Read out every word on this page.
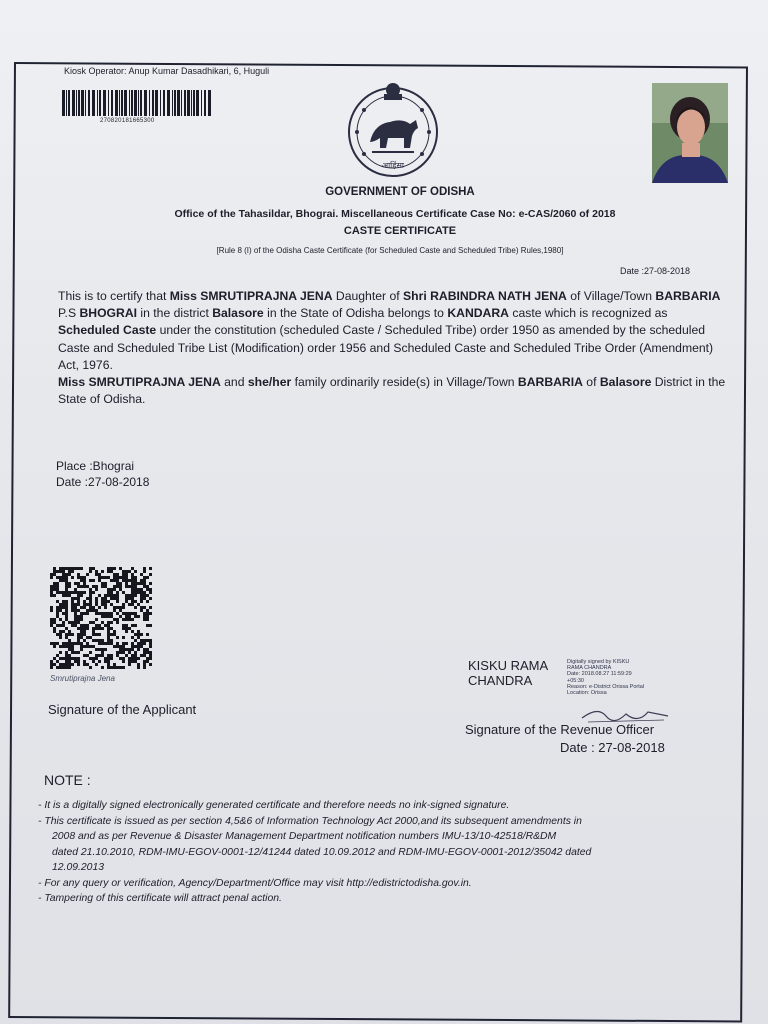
Kiosk Operator: Anup Kumar Dasadhikari, 6, Huguli
270820181665300
आहिंसा
GOVERNMENT OF ODISHA
Office of the Tahasildar, Bhograi. Miscellaneous Certificate Case No: e-CAS/2060 of 2018
CASTE CERTIFICATE
[Rule 8 (I) of the Odisha Caste Certificate (for Scheduled Caste and Scheduled Tribe) Rules,1980]
Date :27-08-2018
This is to certify that Miss SMRUTIPRAJNA JENA Daughter of Shri RABINDRA NATH JENA of Village/Town BARBARIA P.S BHOGRAI in the district Balasore in the State of Odisha belongs to KANDARA caste which is recognized as Scheduled Caste under the constitution (scheduled Caste / Scheduled Tribe) order 1950 as amended by the scheduled Caste and Scheduled Tribe List (Modification) order 1956 and Scheduled Caste and Scheduled Tribe Order (Amendment) Act, 1976.
Miss SMRUTIPRAJNA JENA and she/her family ordinarily reside(s) in Village/Town BARBARIA of Balasore District in the State of Odisha.
Place :Bhograi
Date :27-08-2018
Smrutiprajna Jena
Signature of the Applicant
KISKU RAMA
CHANDRA
Digitally signed by KISKU
RAMA CHANDRA
Date: 2018.08.27 11:59:29
+05:30
Reason: e-District Orissa Portal
Location: Orissa
Signature of the Revenue Officer
Date : 27-08-2018
NOTE :
- It is a digitally signed electronically generated certificate and therefore needs no ink-signed signature.
- This certificate is issued as per section 4,5&6 of Information Technology Act 2000,and its subsequent amendments in
2008 and as per Revenue & Disaster Management Department notification numbers IMU-13/10-42518/R&DM
dated 21.10.2010, RDM-IMU-EGOV-0001-12/41244 dated 10.09.2012 and RDM-IMU-EGOV-0001-2012/35042 dated
12.09.2013
- For any query or verification, Agency/Department/Office may visit http://edistrictodisha.gov.in.
- Tampering of this certificate will attract penal action.
